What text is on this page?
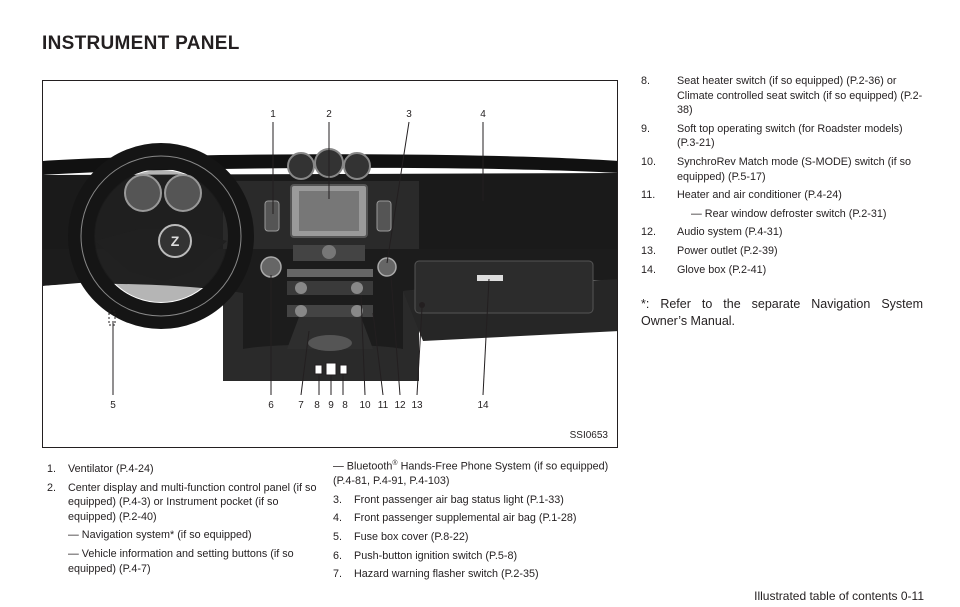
INSTRUMENT PANEL
Z
1	2	3	4
5	6 7 8 9 8 10 11 12 13	14
SSI0653
1. Ventilator (P.4-24)
2. Center display and multi-function control panel (if so equipped) (P.4-3) or Instrument pocket (if so equipped) (P.2-40)
— Navigation system* (if so equipped)
— Vehicle information and setting buttons (if so equipped) (P.4-7)
— Bluetooth® Hands-Free Phone System (if so equipped) (P.4-81, P.4-91, P.4-103)
3. Front passenger air bag status light (P.1-33)
4. Front passenger supplemental air bag (P.1-28)
5. Fuse box cover (P.8-22)
6. Push-button ignition switch (P.5-8)
7. Hazard warning flasher switch (P.2-35)
8. Seat heater switch (if so equipped) (P.2-36) or Climate controlled seat switch (if so equipped) (P.2-38)
9. Soft top operating switch (for Roadster models) (P.3-21)
10. SynchroRev Match mode (S-MODE) switch (if so equipped) (P.5-17)
11. Heater and air conditioner (P.4-24)
— Rear window defroster switch (P.2-31)
12. Audio system (P.4-31)
13. Power outlet (P.2-39)
14. Glove box (P.2-41)
*: Refer to the separate Navigation System Owner’s Manual.
Illustrated table of contents 0-11
